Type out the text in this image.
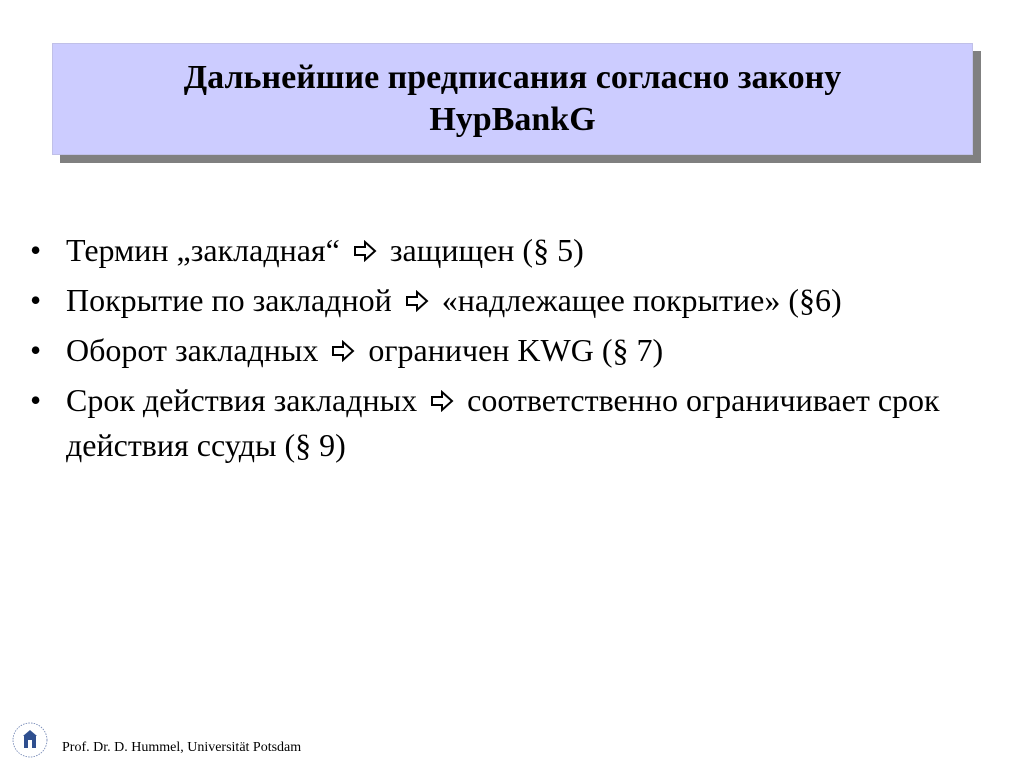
Дальнейшие предписания согласно закону
HypBankG
• Термин „закладная“ защищен (§ 5)
• Покрытие по закладной «надлежащее покрытие» (§6)
• Оборот закладных ограничен KWG (§ 7)
• Срок действия закладных соответственно ограничивает срок действия ссуды (§ 9)
Prof. Dr. D. Hummel, Universität Potsdam
